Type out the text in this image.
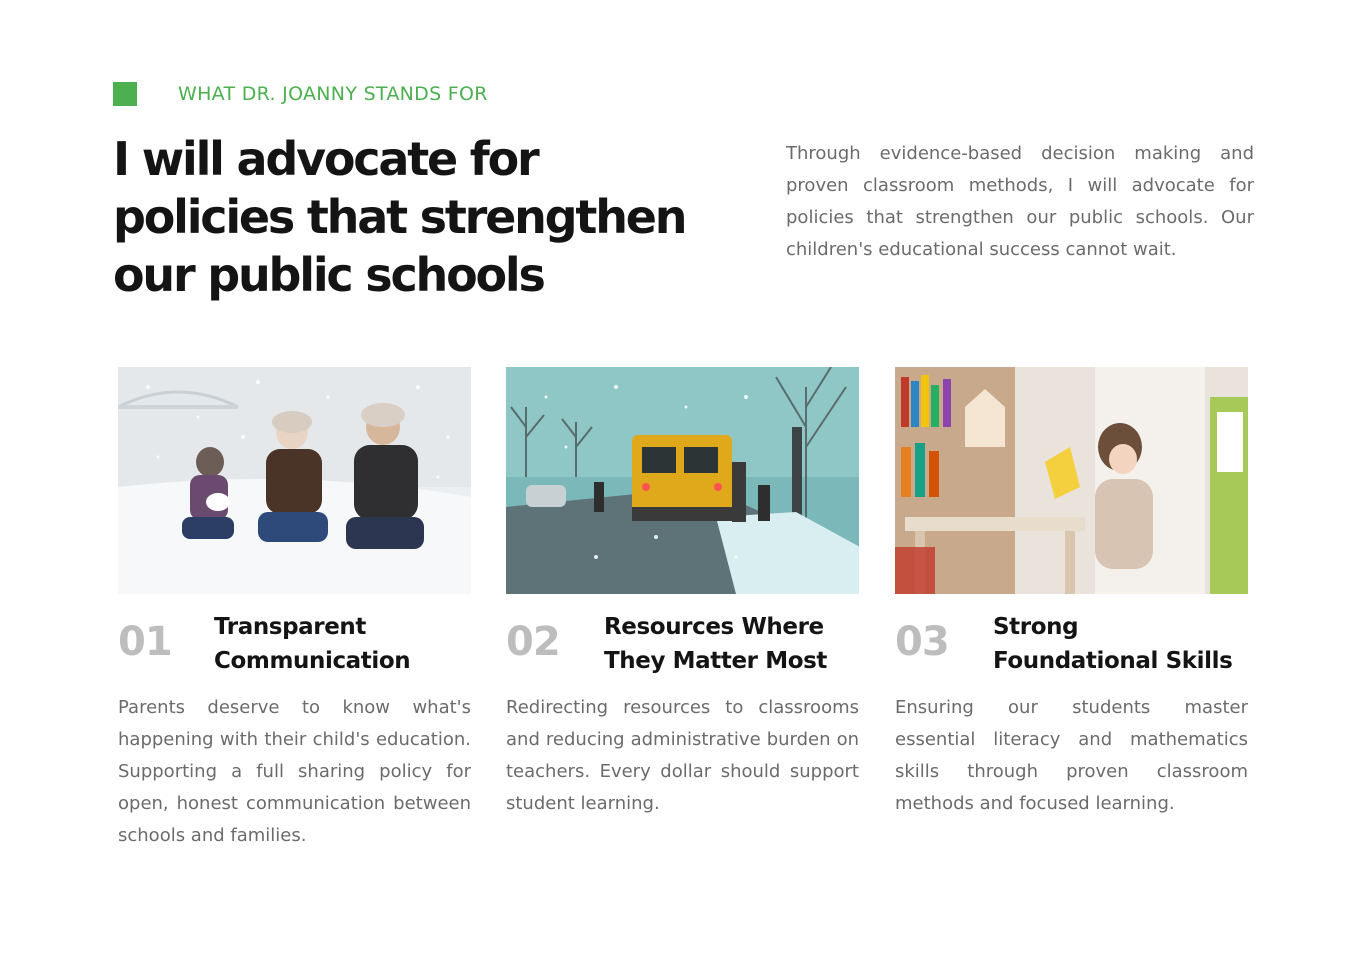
WHAT DR. JOANNY STANDS FOR
I will advocate for policies that strengthen our public schools

Through evidence-based decision making and proven classroom methods, I will advocate for policies that strengthen our public schools. Our children's educational success cannot wait.

01 Transparent Communication

Parents deserve to know what's happening with their child's education. Supporting a full sharing policy for open, honest communication between schools and families.

02 Resources Where They Matter Most

Redirecting resources to classrooms and reducing administrative burden on teachers. Every dollar should support student learning.

03 Strong Foundational Skills

Ensuring our students master essential literacy and mathematics skills through proven classroom methods and focused learning.
